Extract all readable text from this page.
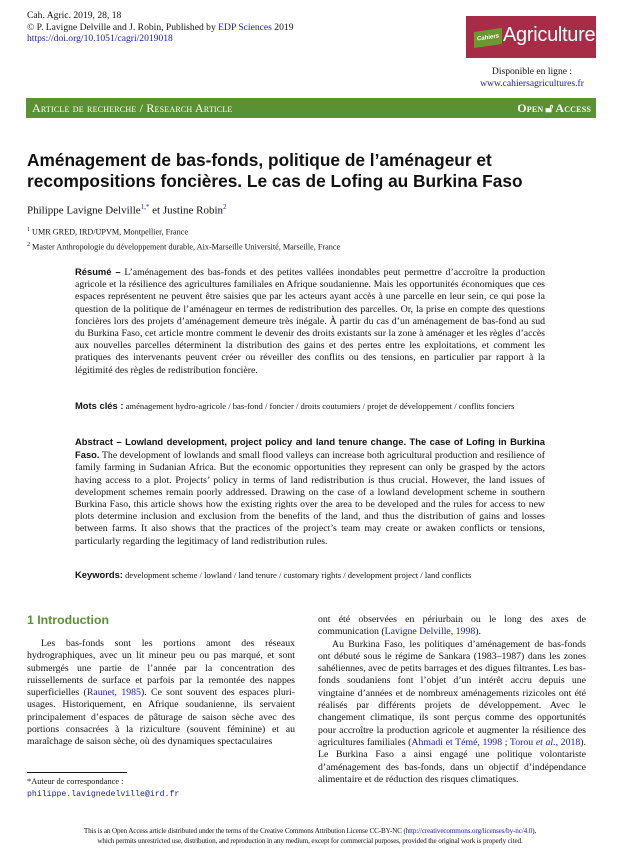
Cah. Agric. 2019, 28, 18
© P. Lavigne Delville and J. Robin, Published by EDP Sciences 2019
https://doi.org/10.1051/cagri/2019018	Cahiers Agricultures
Disponible en ligne :
www.cahiersagricultures.fr
Article de recherche / Research Article	Open 🔓︎ Access
Aménagement de bas-fonds, politique de l’aménageur et recompositions foncières. Le cas de Lofing au Burkina Faso
Philippe Lavigne Delville$^{1,*}$ et Justine Robin$^2$
$^1$ UMR GRED, IRD/UPVM, Montpellier, France
$^2$ Master Anthropologie du développement durable, Aix-Marseille Université, Marseille, France
Résumé – L’aménagement des bas-fonds et des petites vallées inondables peut permettre d’accroître la production agricole et la résilience des agricultures familiales en Afrique soudanienne. Mais les opportunités économiques que ces espaces représentent ne peuvent être saisies que par les acteurs ayant accès à une parcelle en leur sein, ce qui pose la question de la politique de l’aménageur en termes de redistribution des parcelles. Or, la prise en compte des questions foncières lors des projets d’aménagement demeure très inégale. À partir du cas d’un aménagement de bas-fond au sud du Burkina Faso, cet article montre comment le devenir des droits existants sur la zone à aménager et les règles d’accès aux nouvelles parcelles déterminent la distribution des gains et des pertes entre les exploitations, et comment les pratiques des intervenants peuvent créer ou réveiller des conflits ou des tensions, en particulier par rapport à la légitimité des règles de redistribution foncière.
Mots clés : aménagement hydro-agricole / bas-fond / foncier / droits coutumiers / projet de développement / conflits fonciers
Abstract – Lowland development, project policy and land tenure change. The case of Lofing in Burkina Faso. The development of lowlands and small flood valleys can increase both agricultural production and resilience of family farming in Sudanian Africa. But the economic opportunities they represent can only be grasped by the actors having access to a plot. Projects’ policy in terms of land redistribution is thus crucial. However, the land issues of development schemes remain poorly addressed. Drawing on the case of a lowland development scheme in southern Burkina Faso, this article shows how the existing rights over the area to be developed and the rules for access to new plots determine inclusion and exclusion from the benefits of the land, and thus the distribution of gains and losses between farms. It also shows that the practices of the project’s team may create or awaken conflicts or tensions, particularly regarding the legitimacy of land redistribution rules.
Keywords: development scheme / lowland / land tenure / customary rights / development project / land conflicts
1 Introduction

Les bas-fonds sont les portions amont des réseaux hydrographiques, avec un lit mineur peu ou pas marqué, et sont submergés une partie de l’année par la concentration des ruissellements de surface et parfois par la remontée des nappes superficielles (Raunet, 1985). Ce sont souvent des espaces pluri-usages. Historiquement, en Afrique soudanienne, ils servaient principalement d’espaces de pâturage de saison sèche avec des portions consacrées à la riziculture (souvent féminine) et au maraîchage de saison sèche, où des dynamiques spectaculaires

ont été observées en périurbain ou le long des axes de communication (Lavigne Delville, 1998).

Au Burkina Faso, les politiques d’aménagement de bas-fonds ont débuté sous le régime de Sankara (1983–1987) dans les zones sahéliennes, avec de petits barrages et des digues filtrantes. Les bas-fonds soudaniens font l’objet d’un intérêt accru depuis une vingtaine d’années et de nombreux aménagements rizicoles ont été réalisés par différents projets de développement. Avec le changement climatique, ils sont perçus comme des opportunités pour accroître la production agricole et augmenter la résilience des agricultures familiales (Ahmadi et Témé, 1998 ; Torou et al., 2018). Le Burkina Faso a ainsi engagé une politique volontariste d’aménagement des bas-fonds, dans un objectif d’indépendance alimentaire et de réduction des risques climatiques.

*Auteur de correspondance :
philippe.lavignedelville@ird.fr
This is an Open Access article distributed under the terms of the Creative Commons Attribution License CC-BY-NC (http://creativecommons.org/licenses/by-nc/4.0),
which permits unrestricted use, distribution, and reproduction in any medium, except for commercial purposes, provided the original work is properly cited.
